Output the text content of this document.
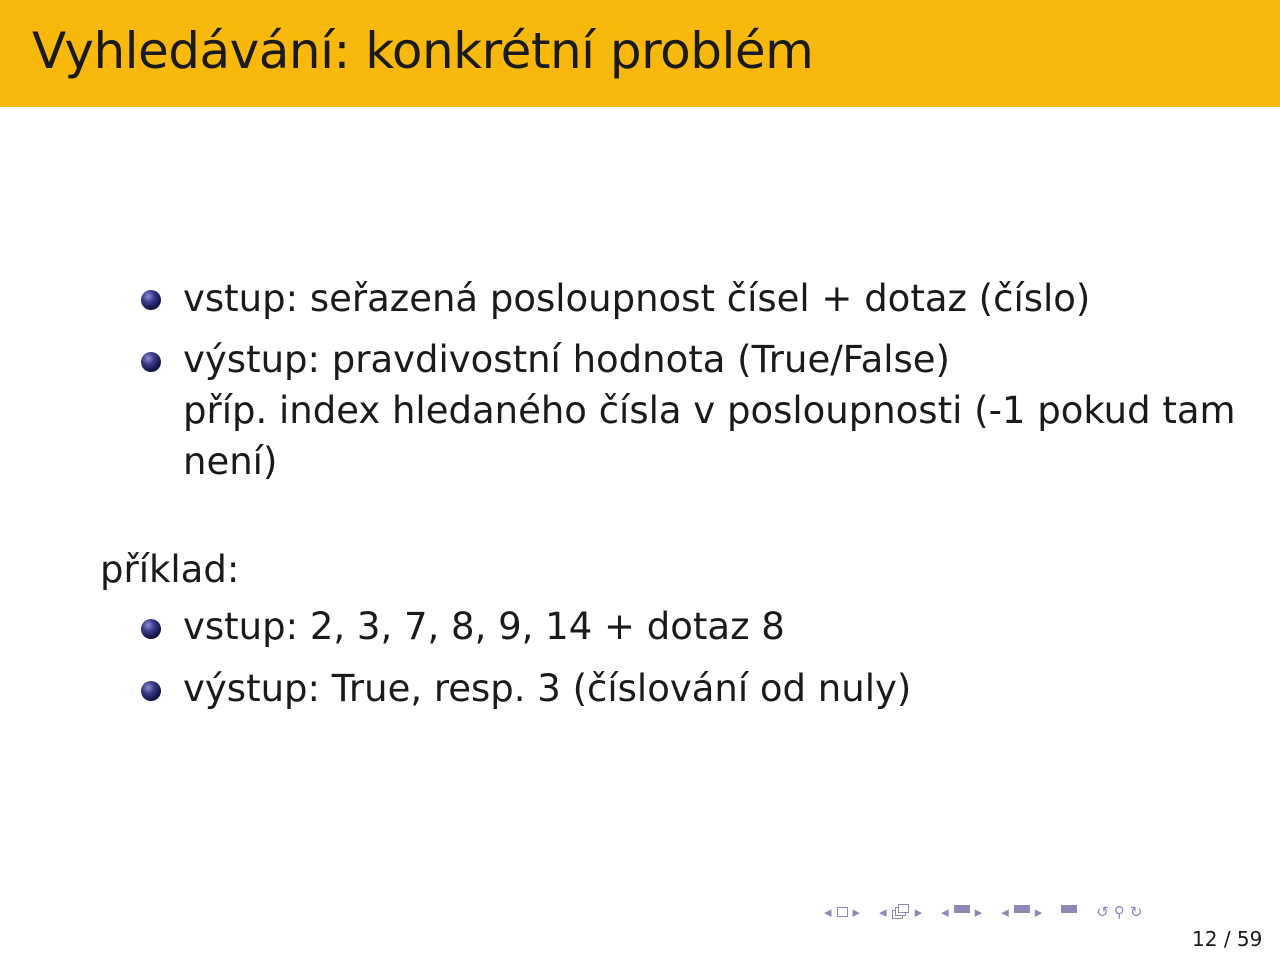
Vyhledávání: konkrétní problém
vstup: seřazená posloupnost čísel + dotaz (číslo)
výstup: pravdivostní hodnota (True/False)
příp. index hledaného čísla v posloupnosti (-1 pokud tam
není)
příklad:
vstup: 2, 3, 7, 8, 9, 14 + dotaz 8
výstup: True, resp. 3 (číslování od nuly)
◂ ▸ ◂ ▸ ◂ ▸ ◂ ▸	↺ ⚲ ↻
12 / 59
